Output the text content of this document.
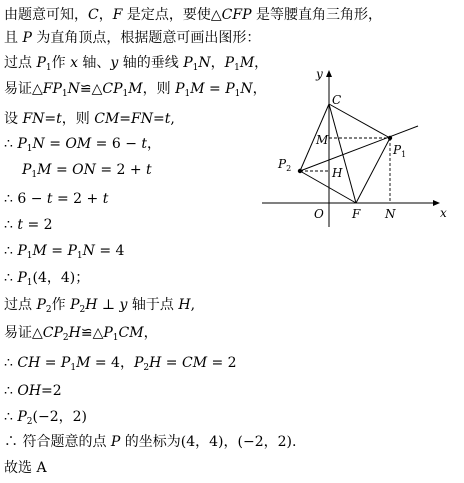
由题意可知，C，F 是定点，要使△CFP 是等腰直角三角形，
且 P 为直角顶点，根据题意可画出图形：
过点 $P_1$作 x 轴、y 轴的垂线 $P_1N$，$P_1M$，
易证$\triangle FP_1N≌\triangle CP_1M$，则 $P_1M = P_1N$，
设 FN=t，则 CM=FN=t,
∴ $P_1N$ = OM = 6 − t，
$P_1M$ = ON = 2 + t
∴ 6 − t = 2 + t
∴ t = 2
∴ $P_1M = P_1N = 4$
∴ $P_1(4$，4)；
过点 $P_2$作 $P_2H$ ⊥ y 轴于点 H,
易证$\triangle CP_2H≌\triangle P_1CM$，
∴ CH = $P_1M = 4$，$P_2H$ = CM = 2
∴ OH=2
∴ $P_2(-2$，2)
∴ 符合题意的点 P 的坐标为(4，4)，(−2，2).
故选 A
x
y
C
M
H
O F N
$P_1$
$P_2$
